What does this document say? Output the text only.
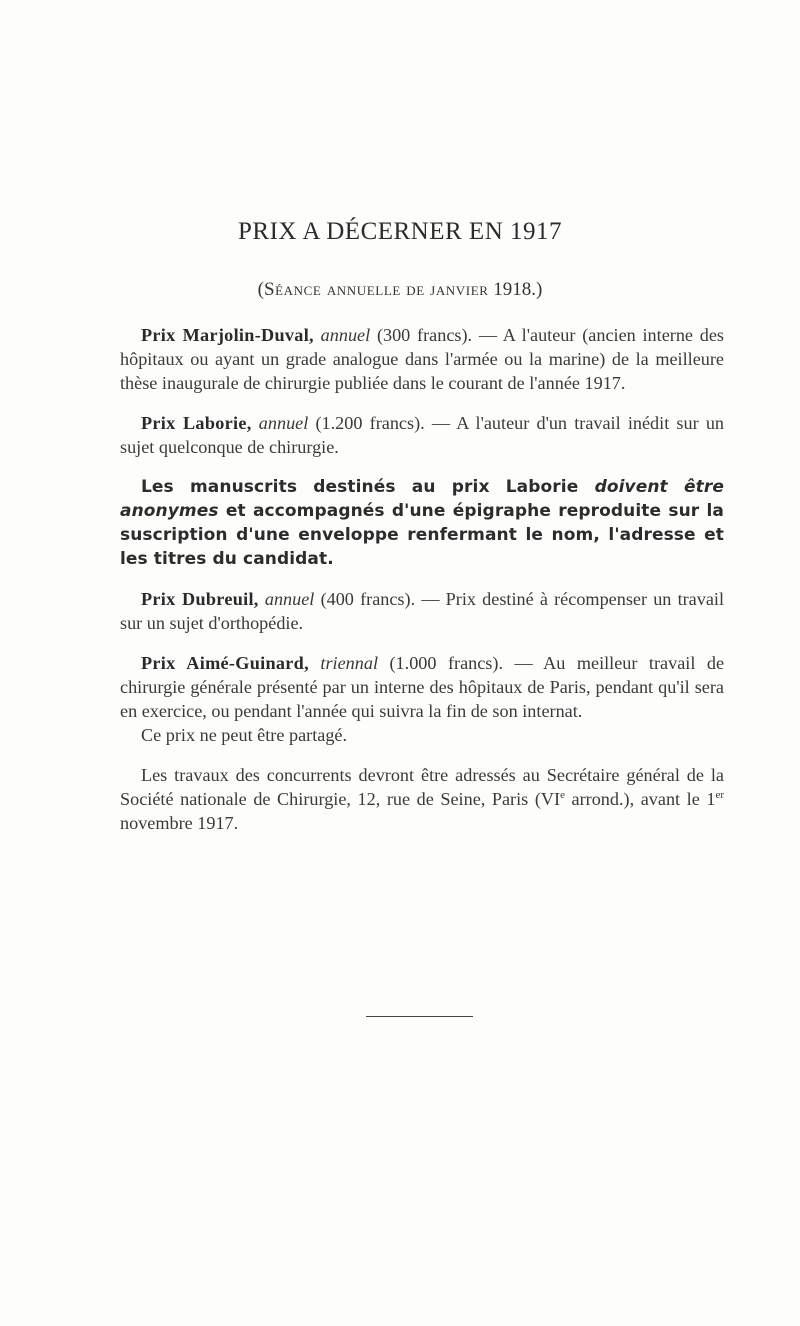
PRIX A DÉCERNER EN 1917

(Séance annuelle de janvier 1918.)

Prix Marjolin-Duval, annuel (300 francs). — A l'auteur (ancien interne des hôpitaux ou ayant un grade analogue dans l'armée ou la marine) de la meilleure thèse inaugurale de chirurgie publiée dans le courant de l'année 1917.

Prix Laborie, annuel (1.200 francs). — A l'auteur d'un travail inédit sur un sujet quelconque de chirurgie.

Les manuscrits destinés au prix Laborie doivent être anonymes et accompagnés d'une épigraphe reproduite sur la suscription d'une enveloppe renfermant le nom, l'adresse et les titres du candidat.

Prix Dubreuil, annuel (400 francs). — Prix destiné à récompenser un travail sur un sujet d'orthopédie.

Prix Aimé-Guinard, triennal (1.000 francs). — Au meilleur travail de chirurgie générale présenté par un interne des hôpitaux de Paris, pendant qu'il sera en exercice, ou pendant l'année qui suivra la fin de son internat.

Ce prix ne peut être partagé.

Les travaux des concurrents devront être adressés au Secrétaire général de la Société nationale de Chirurgie, 12, rue de Seine, Paris (VIe arrond.), avant le 1er novembre 1917.
